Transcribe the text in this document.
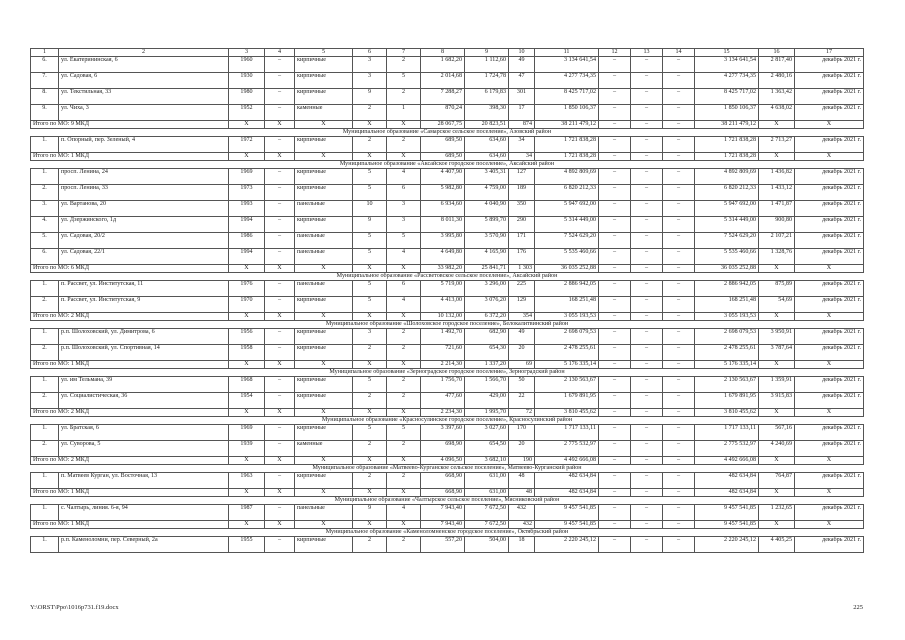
1	2	3	4	5	6	7	8	9	10	11	12	13	14	15	16	17
6.	ул. Екатерининская, 6	1960	–	кирпичные	3	2	1 682,20	1 112,60	49	3 134 641,54	–	–	–	3 134 641,54	2 817,40	декабрь 2021 г.
7.	ул. Садовая, 6	1930	–	кирпичные	3	5	2 014,68	1 724,78	47	4 277 734,35	–	–	–	4 277 734,35	2 480,16	декабрь 2021 г.
8.	ул. Текстильная, 33	1980	–	кирпичные	9	2	7 288,27	6 179,83	301	8 425 717,02	–	–	–	8 425 717,02	1 363,42	декабрь 2021 г.
9.	ул. Чиха, 3	1952	–	каменные	2	1	870,24	398,30	17	1 850 106,37	–	–	–	1 850 106,37	4 638,02	декабрь 2021 г.
Итого по МО: 9 МКД		X	X	X	X	X	28 067,75	20 823,51	874	38 211 479,12	–	–	–	38 211 479,12	X	X
Муниципальное образование «Самарское сельское поселение», Азовский район																
1.	п. Опорный, пер. Зеленый, 4	1972	–	кирпичные	2	2	689,50	634,60	34	1 721 838,28	–	–	–	1 721 838,28	2 713,27	декабрь 2021 г.
Итого по МО: 1 МКД		X	X	X	X	X	689,50	634,60	34	1 721 838,28	–	–	–	1 721 838,28	X	X
Муниципальное образование «Аксайское городское поселение», Аксайский район																
1.	просп. Ленина, 24	1969	–	кирпичные	5	4	4 407,90	3 405,31	127	4 892 809,69	–	–	–	4 892 809,69	1 436,82	декабрь 2021 г.
2.	просп. Ленина, 33	1973	–	кирпичные	5	6	5 982,80	4 759,00	189	6 820 212,33	–	–	–	6 820 212,33	1 433,12	декабрь 2021 г.
3.	ул. Вартанова, 20	1993	–	панельные	10	3	6 934,60	4 040,90	350	5 947 692,00	–	–	–	5 947 692,00	1 471,87	декабрь 2021 г.
4.	ул. Дзержинского, 1д	1994	–	кирпичные	9	3	8 011,30	5 899,70	290	5 314 449,00	–	–	–	5 314 449,00	900,80	декабрь 2021 г.
5.	ул. Садовая, 20/2	1986	–	панельные	5	5	3 995,80	3 570,90	171	7 524 629,20	–	–	–	7 524 629,20	2 107,21	декабрь 2021 г.
6.	ул. Садовая, 22/1	1994	–	панельные	5	4	4 649,80	4 165,90	176	5 535 460,66	–	–	–	5 535 460,66	1 328,76	декабрь 2021 г.
Итого по МО: 6 МКД		X	X	X	X	X	33 982,20	25 841,71	1 303	36 035 252,88	–	–	–	36 035 252,88	X	X
Муниципальное образование «Рассветовское сельское поселение», Аксайский район																
1.	п. Рассвет, ул. Институтская, 11	1976	–	панельные	5	6	5 719,00	3 296,00	225	2 886 942,05	–	–	–	2 886 942,05	875,89	декабрь 2021 г.
2.	п. Рассвет, ул. Институтская, 9	1970	–	кирпичные	5	4	4 413,00	3 076,20	129	168 251,48	–	–	–	168 251,48	54,69	декабрь 2021 г.
Итого по МО: 2 МКД		X	X	X	X	X	10 132,00	6 372,20	354	3 055 193,53	–	–	–	3 055 193,53	X	X
Муниципальное образование «Шолоховское городское поселение», Белокалитвинский район																
1.	р.п. Шолоховский, ул. Димитрова, 6	1956	–	кирпичные	3	2	1 492,70	682,90	49	2 698 079,53	–	–	–	2 698 079,53	3 950,91	декабрь 2021 г.
2.	р.п. Шолоховский, ул. Спортивная, 14	1958	–	кирпичные	2	2	721,60	654,30	20	2 478 255,61	–	–	–	2 478 255,61	3 787,64	декабрь 2021 г.
Итого по МО: 1 МКД		X	X	X	X	X	2 214,30	1 337,20	69	5 176 335,14	–	–	–	5 176 335,14	X	X
Муниципальное образование «Зерноградское городское поселение», Зерноградский район																
1.	ул. им Тельмана, 39	1968	–	кирпичные	5	2	1 756,70	1 566,70	50	2 130 563,67	–	–	–	2 130 563,67	1 359,91	декабрь 2021 г.
2.	ул. Социалистическая, 36	1954	–	кирпичные	2	2	477,60	429,00	22	1 679 891,95	–	–	–	1 679 891,95	3 915,83	декабрь 2021 г.
Итого по МО: 2 МКД		X	X	X	X	X	2 234,30	1 995,70	72	3 810 455,62	–	–	–	3 810 455,62	X	X
Муниципальное образование «Красносулинское городское поселение», Красносулинский район																
1.	ул. Братская, 6	1969	–	кирпичные	5	5	3 397,60	3 027,60	170	1 717 133,11	–	–	–	1 717 133,11	567,16	декабрь 2021 г.
2.	ул. Суворова, 5	1939	–	каменные	2	2	698,90	654,50	20	2 775 532,97	–	–	–	2 775 532,97	4 240,69	декабрь 2021 г.
Итого по МО: 2 МКД		X	X	X	X	X	4 096,50	3 682,10	190	4 492 666,08	–	–	–	4 492 666,08	X	X
Муниципальное образование «Матвеево-Курганское сельское поселение», Матвеево-Курганский район																
1.	п. Матвеев Курган, ул. Восточная, 13	1963	–	кирпичные	2	2	668,90	631,00	48	482 634,84	–	–	–	482 634,84	764,87	декабрь 2021 г.
Итого по МО: 1 МКД		X	X	X	X	X	668,90	631,00	48	482 634,84	–	–	–	482 634,84	X	X
Муниципальное образование «Чалтырское сельское поселение», Мясниковский район																
1.	с. Чалтырь, линия. 6-я, 94	1987	–	панельные	9	4	7 943,40	7 672,50	432	9 457 541,85	–	–	–	9 457 541,85	1 232,65	декабрь 2021 г.
Итого по МО: 1 МКД		X	X	X	X	X	7 943,40	7 672,50	432	9 457 541,85	–	–	–	9 457 541,85	X	X
Муниципальное образование «Каменоломненское городское поселение», Октябрьский район																
1.	р.п. Каменоломни, пер. Северный, 2а	1955	–	кирпичные	2	2	557,20	504,00	18	2 220 245,12	–	–	–	2 220 245,12	4 405,25	декабрь 2021 г.
Y:\ORST\Ppo\1016p731.f19.docx	225
